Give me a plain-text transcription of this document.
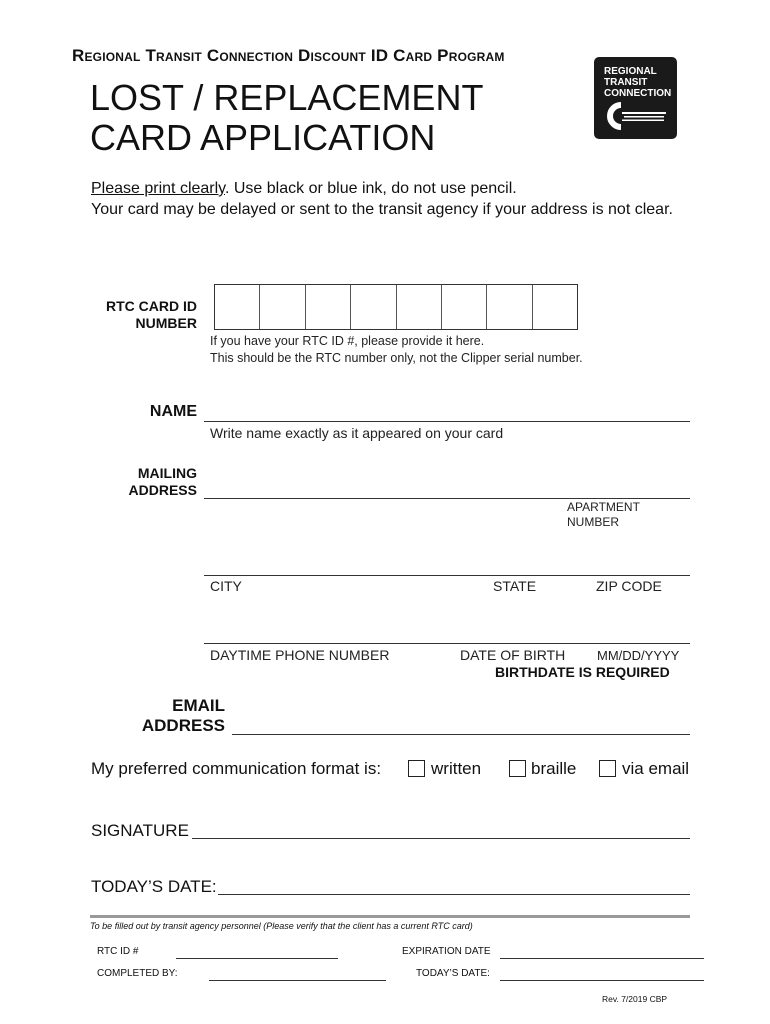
Regional Transit Connection Discount ID Card Program
LOST / REPLACEMENT
CARD APPLICATION
REGIONAL
TRANSIT
CONNECTION
Please print clearly. Use black or blue ink, do not use pencil.
Your card may be delayed or sent to the transit agency if your address is not clear.
RTC CARD ID
NUMBER
If you have your RTC ID #, please provide it here.
This should be the RTC number only, not the Clipper serial number.
NAME
Write name exactly as it appeared on your card
MAILING
ADDRESS
APARTMENT
NUMBER
CITY	STATE	ZIP CODE
DAYTIME PHONE NUMBER	DATE OF BIRTH MM/DD/YYYY
BIRTHDATE IS REQUIRED
EMAIL
ADDRESS
My preferred communication format is:	written	braille	via email
SIGNATURE
TODAY’S DATE:
To be filled out by transit agency personnel (Please verify that the client has a current RTC card)
RTC ID #	EXPIRATION DATE
COMPLETED BY:	TODAY’S DATE:
Rev. 7/2019 CBP
